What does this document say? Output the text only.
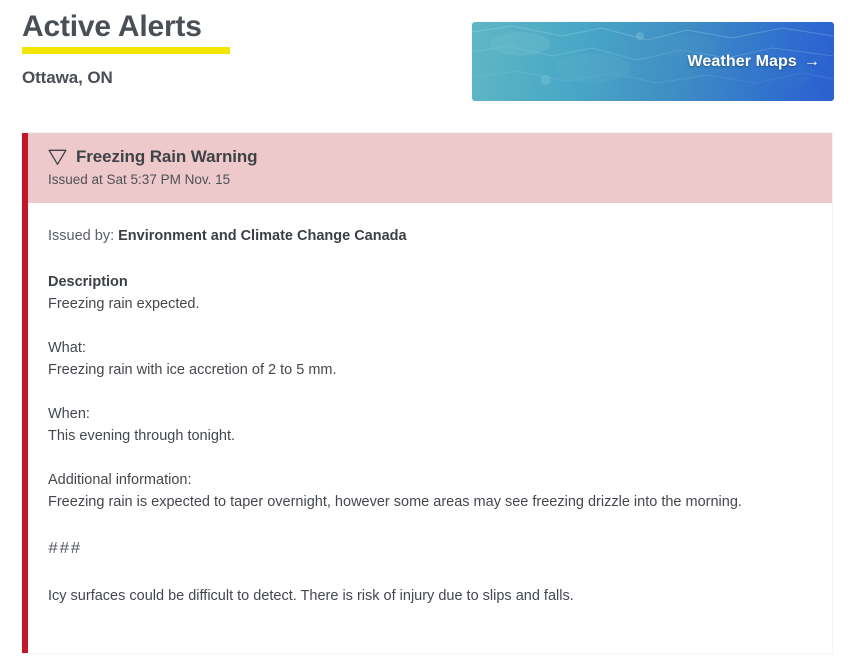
Active Alerts
Ottawa, ON
Weather Maps →
Freezing Rain Warning
Issued at Sat 5:37 PM Nov. 15

Issued by: Environment and Climate Change Canada

Description
Freezing rain expected.
What:
Freezing rain with ice accretion of 2 to 5 mm.
When:
This evening through tonight.
Additional information:
Freezing rain is expected to taper overnight, however some areas may see freezing drizzle into the morning.
###
Icy surfaces could be difficult to detect. There is risk of injury due to slips and falls.
